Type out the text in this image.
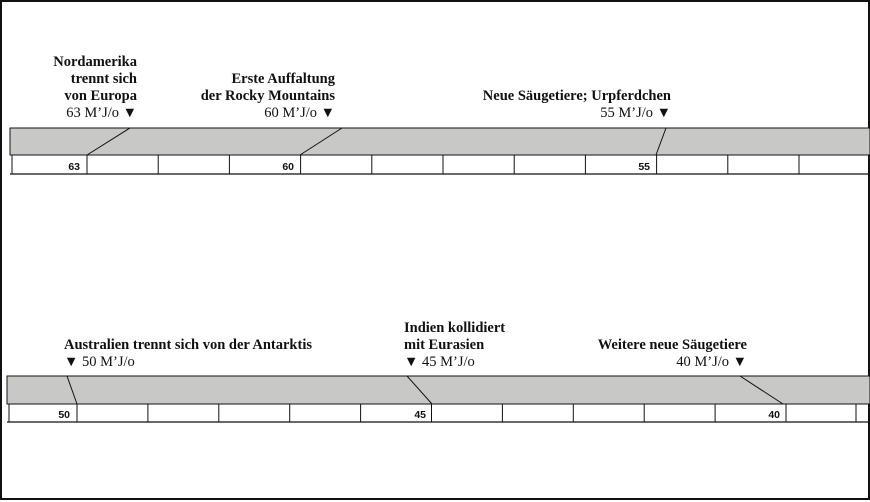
63	60	55
50	45	40
Nordamerika
trennt sich
von Europa
63 M’J/o ▼
Erste Auffaltung
der Rocky Mountains
60 M’J/o ▼
Neue Säugetiere; Urpferdchen
55 M’J/o ▼
Australien trennt sich von der Antarktis
▼ 50 M’J/o
Indien kollidiert
mit Eurasien
▼ 45 M’J/o
Weitere neue Säugetiere
40 M’J/o ▼
